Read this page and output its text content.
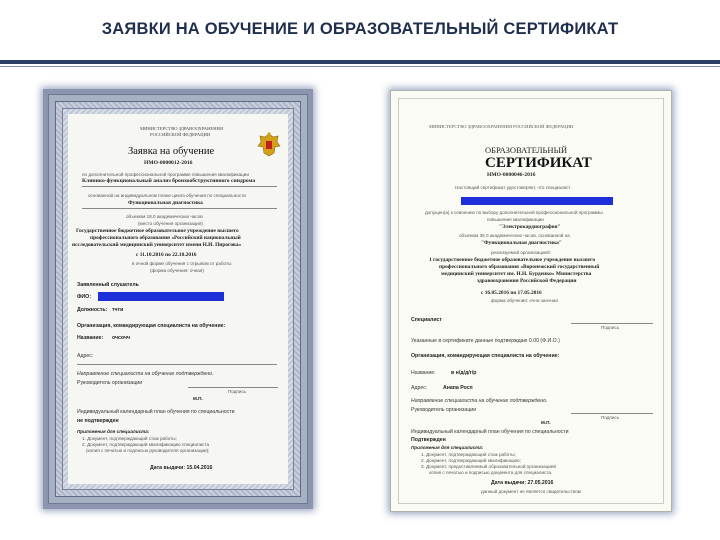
ЗАЯВКИ НА ОБУЧЕНИЕ И ОБРАЗОВАТЕЛЬНЫЙ СЕРТИФИКАТ
МИНИСТЕРСТВО ЗДРАВООХРАНЕНИЯ
РОССИЙСКОЙ ФЕДЕРАЦИИ
Заявка на обучение
НМО-0000012-2016
по дополнительной профессиональной программе повышения квалификации
Клинико-функциональный анализ бронхообструктивного синдрома
основанной на индивидуальном плане цикла обучения по специальности
Функциональная диагностика
объемом 18.0 академических часов
(место обучения организация)
Государственное бюджетное образовательное учреждение высшего
профессионального образования «Российский национальный
исследовательский медицинский университет имени Н.И. Пирогова»
с 11.10.2016 по 22.10.2016
в очной форме обучения с отрывом от работы
(форма обучения: очная)
Заявленный слушатель
ФИО:
Должность: тчти
Организация, командирующая специалиста на обучение:
Название: очсочч
Адрес:
Направление специалиста на обучение подтверждено.
Руководитель организации
Подпись
М.П.
Индивидуальный календарный план обучения по специальности
не подтвержден
Приложения для специалиста:
1. Документ, подтверждающий стаж работы;
2. Документ, подтверждающий квалификацию специалиста
(копия с печатью и подписью руководителя организации);
Дата выдачи: 15.04.2016
МИНИСТЕРСТВО ЗДРАВООХРАНЕНИЯ РОССИЙСКОЙ ФЕДЕРАЦИИ
ОБРАЗОВАТЕЛЬНЫЙ
СЕРТИФИКАТ
НМО-0000046-2016
Настоящий сертификат удостоверяет, что специалист
допущен(а) к освоению по выбору дополнительной профессиональной программы
повышения квалификации
"Электрокардиография"
объемом 36.0 академических часов, основанной на
"Функциональная диагностика"
реализуемой организацией:
1 государственное бюджетное образовательное учреждение высшего
профессионального образования «Воронежский государственный
медицинский университет им. Н.Н. Бурденко» Министерства
здравоохранения Российской Федерации
с 16.05.2016 по 17.05.2016
форма обучения: очно-заочная
Специалист
Подпись
Указанные в сертификате данные подтверждаю 0.00 (Ф.И.О.)
Организация, командирующая специалиста на обучение:
Название:	в н/д/д/г/р
Адрес:	Анапа Росп
Направление специалиста на обучение подтверждено.
Руководитель организации
Подпись
М.П.
Индивидуальный календарный план обучения по специальности
Подтвержден
Приложения для специалиста:
1. Документ, подтверждающий стаж работы;
2. Документ, подтверждающий квалификацию;
3. Документ, предоставляемый образовательной организацией
копия с печатью и подписью документа для специалиста.
Дата выдачи: 27.05.2016
данный документ не является свидетельством
